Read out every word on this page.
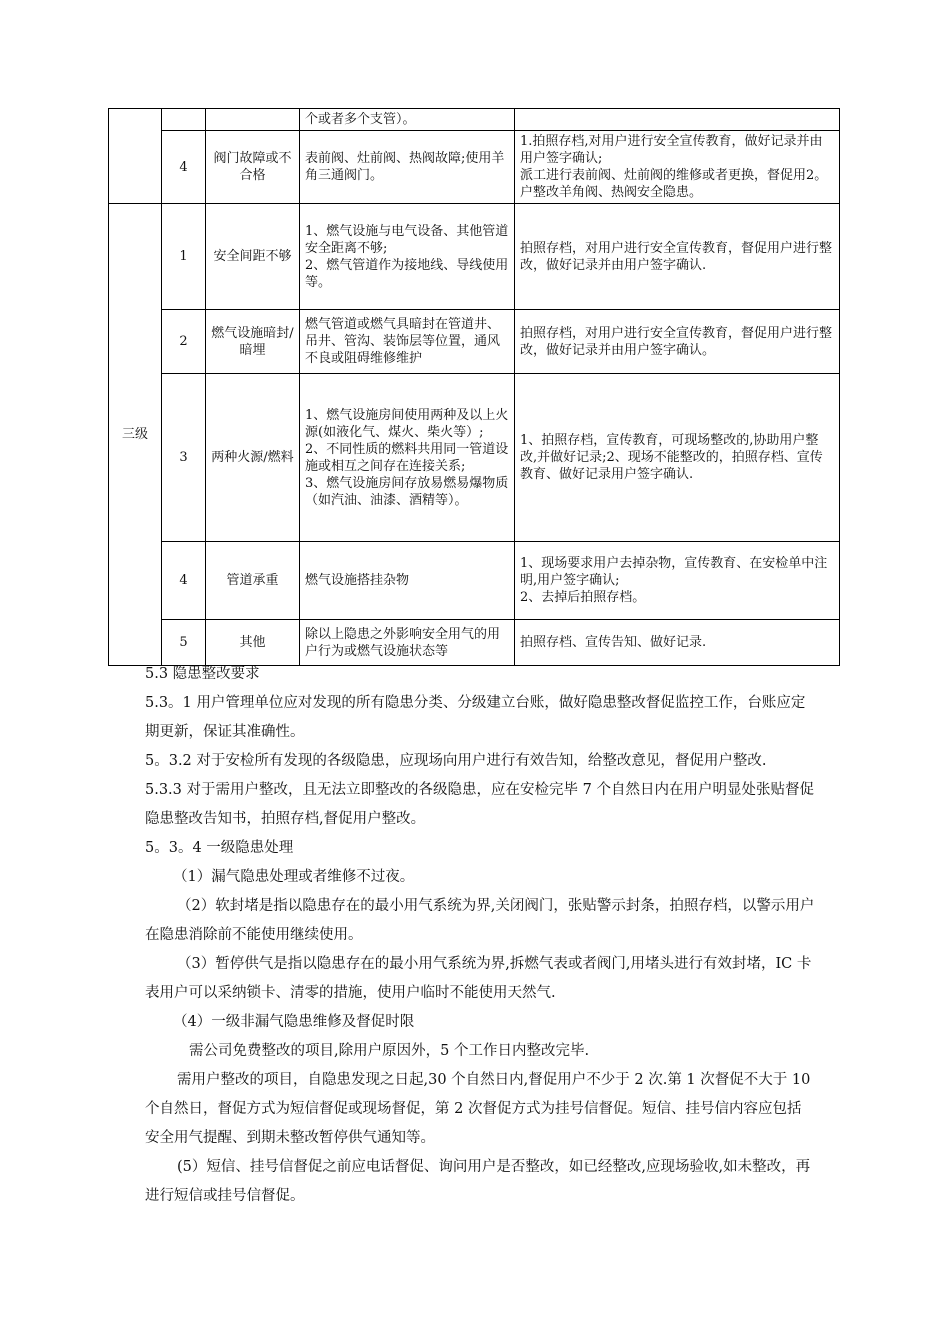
			个或者多个支管）。	
	4	阀门故障或不合格	表前阀、灶前阀、热阀故障;使用羊角三通阀门。	1.拍照存档,对用户进行安全宣传教育，做好记录并由用户签字确认;
派工进行表前阀、灶前阀的维修或者更换，督促用2。户整改羊角阀、热阀安全隐患。
三级	1	安全间距不够	1、燃气设施与电气设备、其他管道安全距离不够;
2、燃气管道作为接地线、导线使用等。	拍照存档，对用户进行安全宣传教育，督促用户进行整改，做好记录并由用户签字确认.
	2	燃气设施暗封/暗埋	燃气管道或燃气具暗封在管道井、吊井、管沟、装饰层等位置，通风不良或阻碍维修维护	拍照存档，对用户进行安全宣传教育，督促用户进行整改，做好记录并由用户签字确认。
	3	两种火源/燃料	1、燃气设施房间使用两种及以上火源(如液化气、煤火、柴火等）;
2、不同性质的燃料共用同一管道设施或相互之间存在连接关系;
3、燃气设施房间存放易燃易爆物质（如汽油、油漆、酒精等）。	1、拍照存档，宣传教育，可现场整改的,协助用户整改,并做好记录;2、现场不能整改的，拍照存档、宣传教育、做好记录用户签字确认.
	4	管道承重	燃气设施搭挂杂物	1、现场要求用户去掉杂物，宣传教育、在安检单中注明,用户签字确认;
2、去掉后拍照存档。
	5	其他	除以上隐患之外影响安全用气的用户行为或燃气设施状态等	拍照存档、宣传告知、做好记录.

5.3 隐患整改要求

5.3。1 用户管理单位应对发现的所有隐患分类、分级建立台账，做好隐患整改督促监控工作，台账应定期更新，保证其准确性。

5。3.2 对于安检所有发现的各级隐患，应现场向用户进行有效告知，给整改意见，督促用户整改.

5.3.3 对于需用户整改，且无法立即整改的各级隐患，应在安检完毕 7 个自然日内在用户明显处张贴督促隐患整改告知书，拍照存档,督促用户整改。

5。3。4 一级隐患处理

（1）漏气隐患处理或者维修不过夜。

（2）软封堵是指以隐患存在的最小用气系统为界,关闭阀门，张贴警示封条，拍照存档，以警示用户在隐患消除前不能使用继续使用。

（3）暂停供气是指以隐患存在的最小用气系统为界,拆燃气表或者阀门,用堵头进行有效封堵，IC 卡表用户可以采纳锁卡、清零的措施，使用户临时不能使用天然气.

（4）一级非漏气隐患维修及督促时限

需公司免费整改的项目,除用户原因外，5 个工作日内整改完毕.

需用户整改的项目，自隐患发现之日起,30 个自然日内,督促用户不少于 2 次.第 1 次督促不大于 10 个自然日，督促方式为短信督促或现场督促，第 2 次督促方式为挂号信督促。短信、挂号信内容应包括安全用气提醒、到期未整改暂停供气通知等。

(5）短信、挂号信督促之前应电话督促、询问用户是否整改，如已经整改,应现场验收,如未整改，再进行短信或挂号信督促。
